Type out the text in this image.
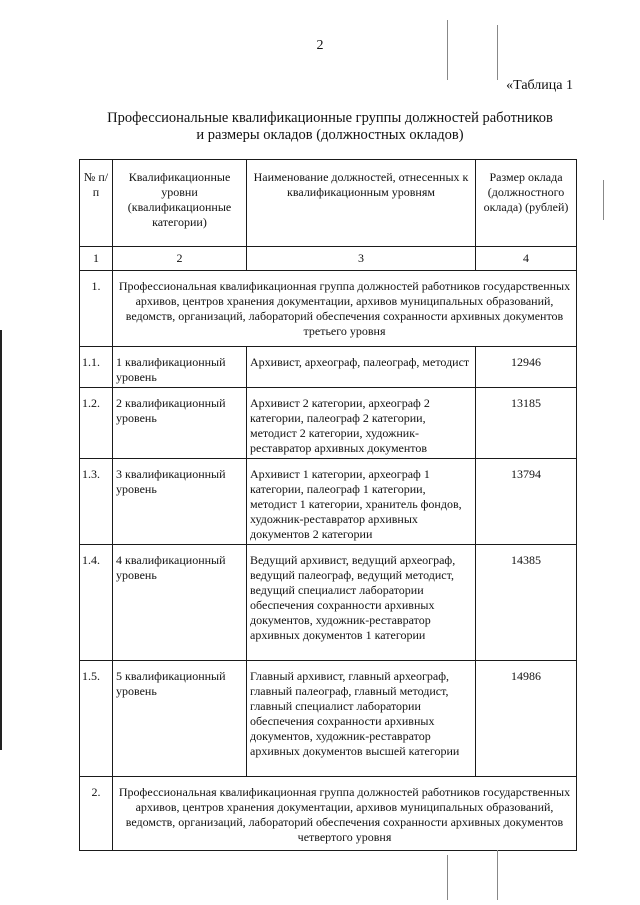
2
«Таблица 1
Профессиональные квалификационные группы должностей работников
и размеры окладов (должностных окладов)
№ п/п	Квалификационные уровни (квалификационные категории)	Наименование должностей, отнесенных к квалификационным уровням	Размер оклада (должностного оклада) (рублей)
1	2	3	4
1.	Профессиональная квалификационная группа должностей работников государственных архивов, центров хранения документации, архивов муниципальных образований, ведомств, организаций, лабораторий обеспечения сохранности архивных документов третьего уровня		
1.1.	1 квалификационный уровень	Архивист, археограф, палеограф, методист	12946
1.2.	2 квалификационный уровень	Архивист 2 категории, археограф 2 категории, палеограф 2 категории, методист 2 категории, художник-реставратор архивных документов	13185
1.3.	3 квалификационный уровень	Архивист 1 категории, археограф 1 категории, палеограф 1 категории, методист 1 категории, хранитель фондов, художник-реставратор архивных документов 2 категории	13794
1.4.	4 квалификационный уровень	Ведущий архивист, ведущий археограф, ведущий палеограф, ведущий методист, ведущий специалист лаборатории обеспечения сохранности архивных документов, художник-реставратор архивных документов 1 категории	14385
1.5.	5 квалификационный уровень	Главный архивист, главный археограф, главный палеограф, главный методист, главный специалист лаборатории обеспечения сохранности архивных документов, художник-реставратор архивных документов высшей категории	14986
2.	Профессиональная квалификационная группа должностей работников государственных архивов, центров хранения документации, архивов муниципальных образований, ведомств, организаций, лабораторий обеспечения сохранности архивных документов четвертого уровня		
